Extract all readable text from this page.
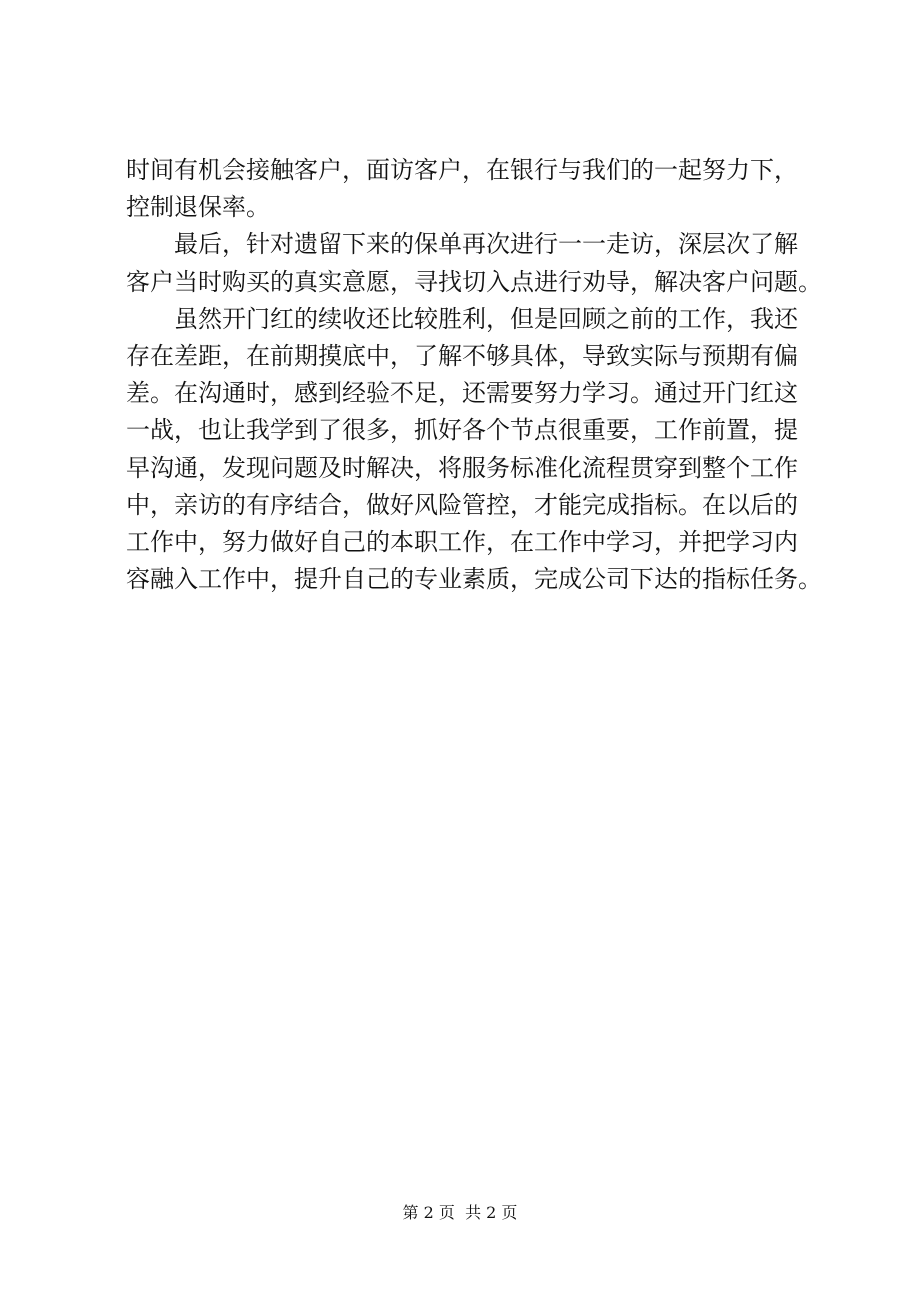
时间有机会接触客户，面访客户，在银行与我们的一起努力下，
控制退保率。
最后，针对遗留下来的保单再次进行一一走访，深层次了解
客户当时购买的真实意愿，寻找切入点进行劝导，解决客户问题。
虽然开门红的续收还比较胜利，但是回顾之前的工作，我还
存在差距，在前期摸底中，了解不够具体，导致实际与预期有偏
差。在沟通时，感到经验不足，还需要努力学习。通过开门红这
一战，也让我学到了很多，抓好各个节点很重要，工作前置，提
早沟通，发现问题及时解决，将服务标准化流程贯穿到整个工作
中，亲访的有序结合，做好风险管控，才能完成指标。在以后的
工作中，努力做好自己的本职工作，在工作中学习，并把学习内
容融入工作中，提升自己的专业素质，完成公司下达的指标任务。
第 2 页  共 2 页
